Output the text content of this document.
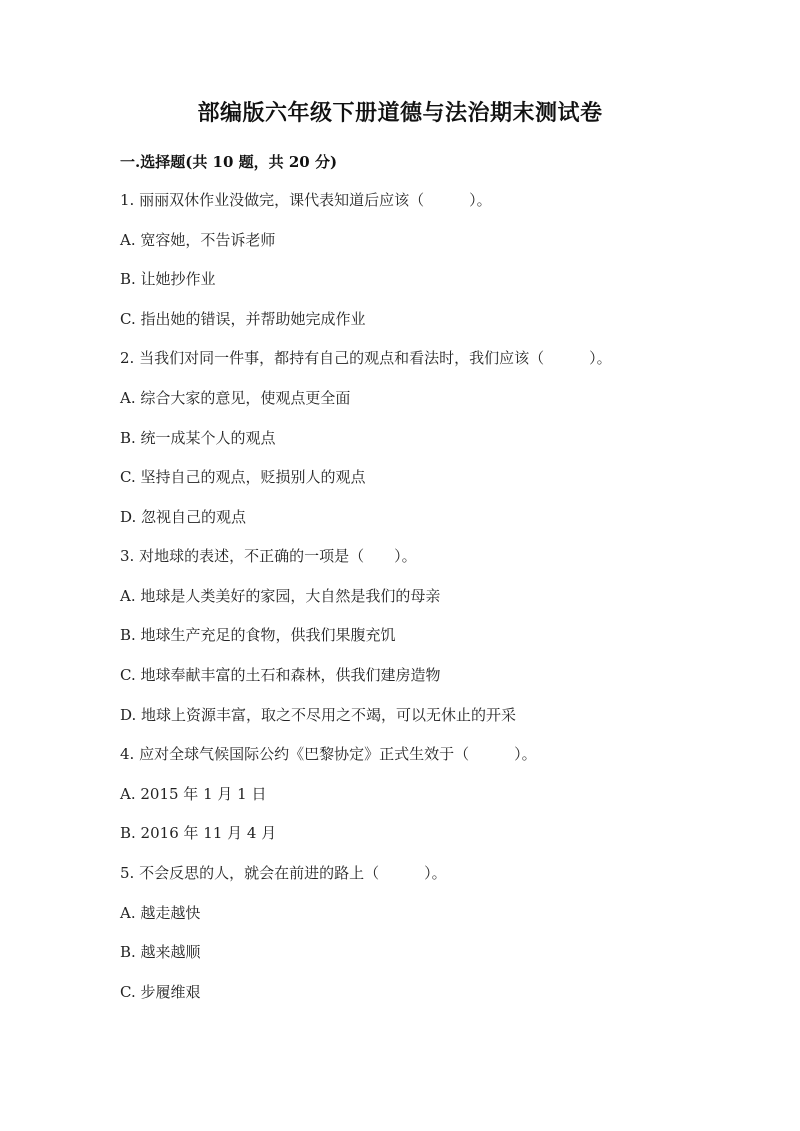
部编版六年级下册道德与法治期末测试卷
一.选择题(共 10 题，共 20 分)
1. 丽丽双休作业没做完，课代表知道后应该（　　　）。
A. 宽容她，不告诉老师
B. 让她抄作业
C. 指出她的错误，并帮助她完成作业
2. 当我们对同一件事，都持有自己的观点和看法时，我们应该（　　　）。
A. 综合大家的意见，使观点更全面
B. 统一成某个人的观点
C. 坚持自己的观点，贬损别人的观点
D. 忽视自己的观点
3. 对地球的表述，不正确的一项是（　　）。
A. 地球是人类美好的家园，大自然是我们的母亲
B. 地球生产充足的食物，供我们果腹充饥
C. 地球奉献丰富的土石和森林，供我们建房造物
D. 地球上资源丰富，取之不尽用之不竭，可以无休止的开采
4. 应对全球气候国际公约《巴黎协定》正式生效于（　　　）。
A. 2015 年 1 月 1 日
B. 2016 年 11 月 4 月
5. 不会反思的人，就会在前进的路上（　　　）。
A. 越走越快
B. 越来越顺
C. 步履维艰
